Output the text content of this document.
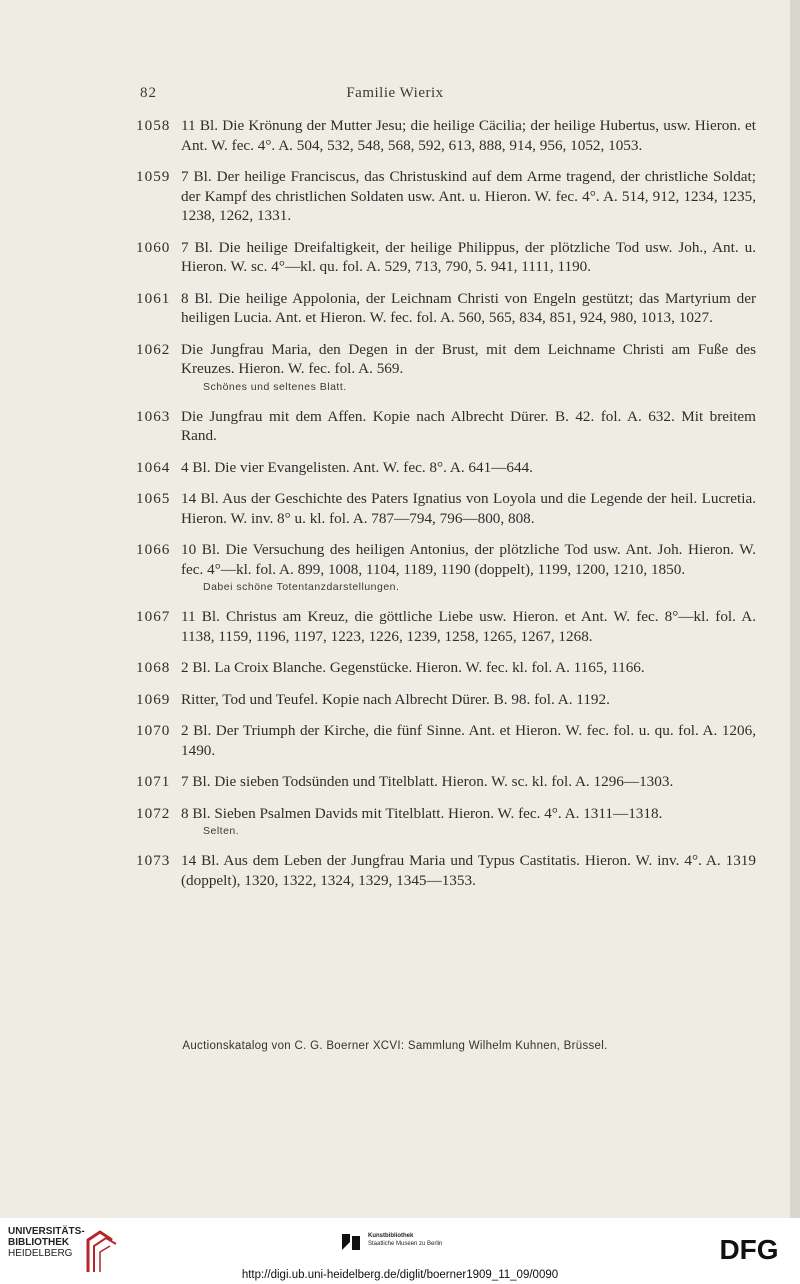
82	Familie Wierix
1058 11 Bl. Die Krönung der Mutter Jesu; die heilige Cäcilia; der heilige Hubertus, usw. Hieron. et Ant. W. fec. 4°. A. 504, 532, 548, 568, 592, 613, 888, 914, 956, 1052, 1053.
1059 7 Bl. Der heilige Franciscus, das Christuskind auf dem Arme tragend, der christliche Soldat; der Kampf des christlichen Soldaten usw. Ant. u. Hieron. W. fec. 4°. A. 514, 912, 1234, 1235, 1238, 1262, 1331.
1060 7 Bl. Die heilige Dreifaltigkeit, der heilige Philippus, der plötzliche Tod usw. Joh., Ant. u. Hieron. W. sc. 4°—kl. qu. fol. A. 529, 713, 790, 5. 941, 1111, 1190.
1061 8 Bl. Die heilige Appolonia, der Leichnam Christi von Engeln gestützt; das Martyrium der heiligen Lucia. Ant. et Hieron. W. fec. fol. A. 560, 565, 834, 851, 924, 980, 1013, 1027.
1062 Die Jungfrau Maria, den Degen in der Brust, mit dem Leichname Christi am Fuße des Kreuzes. Hieron. W. fec. fol. A. 569.
Schönes und seltenes Blatt.
1063 Die Jungfrau mit dem Affen. Kopie nach Albrecht Dürer. B. 42. fol. A. 632. Mit breitem Rand.
1064 4 Bl. Die vier Evangelisten. Ant. W. fec. 8°. A. 641—644.
1065 14 Bl. Aus der Geschichte des Paters Ignatius von Loyola und die Legende der heil. Lucretia. Hieron. W. inv. 8° u. kl. fol. A. 787—794, 796—800, 808.
1066 10 Bl. Die Versuchung des heiligen Antonius, der plötzliche Tod usw. Ant. Joh. Hieron. W. fec. 4°—kl. fol. A. 899, 1008, 1104, 1189, 1190 (doppelt), 1199, 1200, 1210, 1850.
Dabei schöne Totentanzdarstellungen.
1067 11 Bl. Christus am Kreuz, die göttliche Liebe usw. Hieron. et Ant. W. fec. 8°—kl. fol. A. 1138, 1159, 1196, 1197, 1223, 1226, 1239, 1258, 1265, 1267, 1268.
1068 2 Bl. La Croix Blanche. Gegenstücke. Hieron. W. fec. kl. fol. A. 1165, 1166.
1069 Ritter, Tod und Teufel. Kopie nach Albrecht Dürer. B. 98. fol. A. 1192.
1070 2 Bl. Der Triumph der Kirche, die fünf Sinne. Ant. et Hieron. W. fec. fol. u. qu. fol. A. 1206, 1490.
1071 7 Bl. Die sieben Todsünden und Titelblatt. Hieron. W. sc. kl. fol. A. 1296—1303.
1072 8 Bl. Sieben Psalmen Davids mit Titelblatt. Hieron. W. fec. 4°. A. 1311—1318.
Selten.
1073 14 Bl. Aus dem Leben der Jungfrau Maria und Typus Castitatis. Hieron. W. inv. 4°. A. 1319 (doppelt), 1320, 1322, 1324, 1329, 1345—1353.
Auctionskatalog von C. G. Boerner XCVI: Sammlung Wilhelm Kuhnen, Brüssel.
UNIVERSITÄTS-
BIBLIOTHEK
HEIDELBERG
Kunstbibliothek
Staatliche Museen zu Berlin	DFG
http://digi.ub.uni-heidelberg.de/diglit/boerner1909_11_09/0090
